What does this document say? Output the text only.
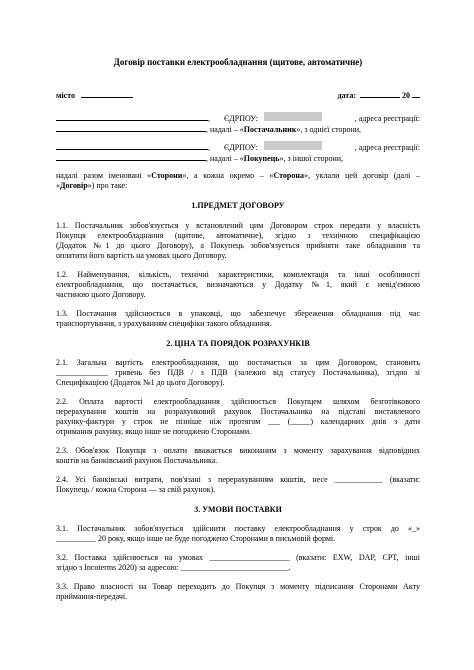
Договір поставки електрообладнання (щитове, автоматичне)
місто	дата:	20
, ЄДРПОУ:	, адреса реєстрації:
, надалі – « Постачальник », з однієї сторони,
, ЄДРПОУ:	, адреса реєстрації:
, надалі – « Покупець », з іншої сторони,
надалі разом іменовані «Сторони», а кожна окремо – «Сторона», уклали цей договір (далі –
«Договір») про таке:
1.ПРЕДМЕТ ДОГОВОРУ
1.1. Постачальник зобов'язується у встановлений цим Договором строк передати у власність
Покупця електрообладнання (щитове, автоматичне), згідно з технічною специфікацією
(Додаток №1 до цього Договору), а Покупець зобов'язується прийняти таке обладнання та
оплатити його вартість на умовах цього Договору.
1.2. Найменування, кількість, технічні характеристики, комплектація та інші особливості
електрообладнання, що постачається, визначаються у Додатку №1, який є невід'ємною
частиною цього Договору.
1.3. Постачання здійснюється в упаковці, що забезпечує збереження обладнання під час
транспортування, з урахуванням специфіки такого обладнання.
2. ЦІНА ТА ПОРЯДОК РОЗРАХУНКІВ
2.1. Загальна вартість електрообладнання, що постачається за цим Договором, становить
_____________ гривень без ПДВ / з ПДВ (залежно від статусу Постачальника), згідно зі
Специфікацією (Додаток №1 до цього Договору).
2.2. Оплата вартості електрообладнання здійснюється Покупцем шляхом безготівкового
перерахування коштів на розрахунковий рахунок Постачальника на підставі виставленого
рахунку-фактури у строк не пізніше ніж протягом ___ (_____) календарних днів з дати
отримання рахунку, якщо інше не погоджено Сторонами.
2.3. Обов'язок Покупця з оплати вважається виконаним з моменту зарахування відповідних
коштів на банківський рахунок Постачальника.
2.4. Усі банківські витрати, пов'язані з перерахуванням коштів, несе ____________ (вказати:
Покупець / кожна Сторона — за свій рахунок).
3. УМОВИ ПОСТАВКИ
3.1. Постачальник зобов'язується здійснити поставку електрообладнання у строк до «_»
__________ 20 року, якщо інше не буде погоджено Сторонами в письмовій формі.
3.2. Поставка здійснюється на умовах ____________________ (вказати: EXW, DAP, CPT, інші
згідно з Incoterms 2020) за адресою: ___________________________.
3.3. Право власності на Товар переходить до Покупця з моменту підписання Сторонами Акту
приймання-передачі.
